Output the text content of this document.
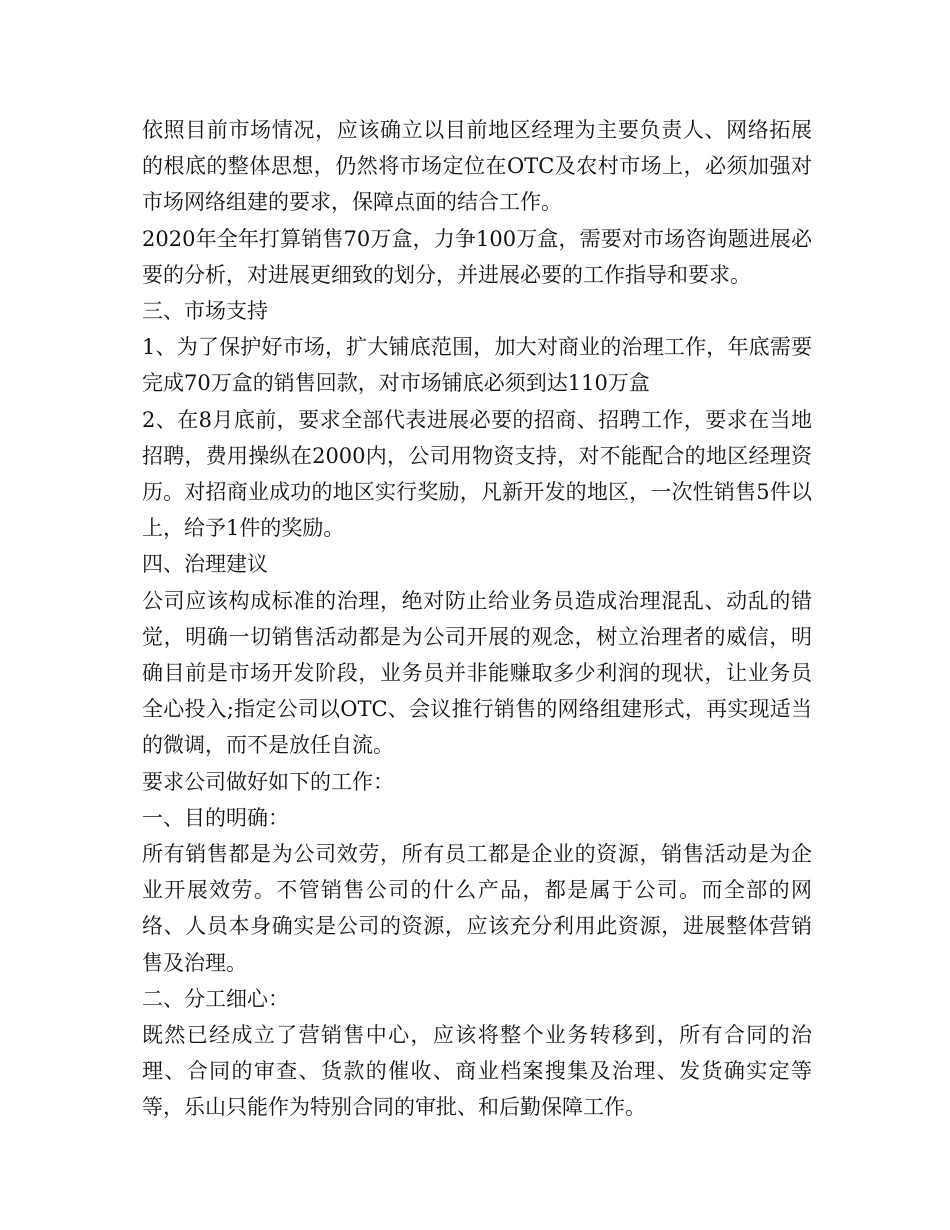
依照目前市场情况，应该确立以目前地区经理为主要负责人、网络拓展的根底的整体思想，仍然将市场定位在OTC及农村市场上，必须加强对市场网络组建的要求，保障点面的结合工作。

2020年全年打算销售70万盒，力争100万盒，需要对市场咨询题进展必要的分析，对进展更细致的划分，并进展必要的工作指导和要求。

三、市场支持

1、为了保护好市场，扩大铺底范围，加大对商业的治理工作，年底需要完成70万盒的销售回款，对市场铺底必须到达110万盒

2、在8月底前，要求全部代表进展必要的招商、招聘工作，要求在当地招聘，费用操纵在2000内，公司用物资支持，对不能配合的地区经理资历。对招商业成功的地区实行奖励，凡新开发的地区，一次性销售5件以上，给予1件的奖励。

四、治理建议

公司应该构成标准的治理，绝对防止给业务员造成治理混乱、动乱的错觉，明确一切销售活动都是为公司开展的观念，树立治理者的威信，明确目前是市场开发阶段，业务员并非能赚取多少利润的现状，让业务员全心投入;指定公司以OTC、会议推行销售的网络组建形式，再实现适当的微调，而不是放任自流。

要求公司做好如下的工作：

一、目的明确：

所有销售都是为公司效劳，所有员工都是企业的资源，销售活动是为企业开展效劳。不管销售公司的什么产品，都是属于公司。而全部的网络、人员本身确实是公司的资源，应该充分利用此资源，进展整体营销售及治理。

二、分工细心：

既然已经成立了营销售中心，应该将整个业务转移到，所有合同的治理、合同的审查、货款的催收、商业档案搜集及治理、发货确实定等等，乐山只能作为特别合同的审批、和后勤保障工作。
